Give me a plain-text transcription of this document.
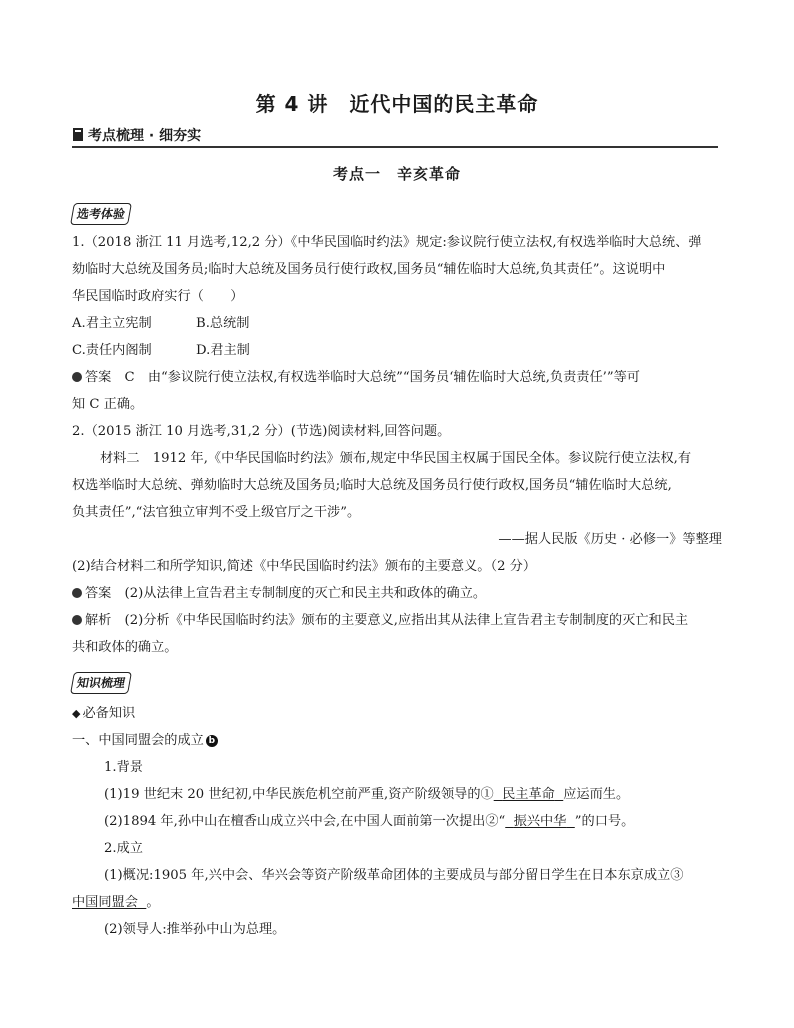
第 4 讲　近代中国的民主革命
考点梳理 · 细夯实
考点一　辛亥革命
选考体验
1.（2018 浙江 11 月选考,12,2 分）《中华民国临时约法》规定:参议院行使立法权,有权选举临时大总统、弹
劾临时大总统及国务员;临时大总统及国务员行使行政权,国务员“辅佐临时大总统,负其责任”。这说明中
华民国临时政府实行（　　）
A.君主立宪制	B.总统制
C.责任内阁制	D.君主制
答案　C　由“参议院行使立法权,有权选举临时大总统”“国务员‘辅佐临时大总统,负责责任’”等可
知 C 正确。
2.（2015 浙江 10 月选考,31,2 分）(节选)阅读材料,回答问题。
材料二　1912 年,《中华民国临时约法》颁布,规定中华民国主权属于国民全体。参议院行使立法权,有
权选举临时大总统、弹劾临时大总统及国务员;临时大总统及国务员行使行政权,国务员“辅佐临时大总统,
负其责任”,“法官独立审判不受上级官厅之干涉”。
——据人民版《历史 · 必修一》等整理
(2)结合材料二和所学知识,简述《中华民国临时约法》颁布的主要意义。（2 分）
答案　(2)从法律上宣告君主专制制度的灭亡和民主共和政体的确立。
解析　(2)分析《中华民国临时约法》颁布的主要意义,应指出其从法律上宣告君主专制制度的灭亡和民主
共和政体的确立。
知识梳理
◆ 必备知识
一、中国同盟会的成立 b
1.背景
(1)19 世纪末 20 世纪初,中华民族危机空前严重,资产阶级领导的① 民主革命 应运而生。
(2)1894 年,孙中山在檀香山成立兴中会,在中国人面前第一次提出②“ 振兴中华 ”的口号。
2.成立
(1)概况:1905 年,兴中会、华兴会等资产阶级革命团体的主要成员与部分留日学生在日本东京成立③
中国同盟会 。
(2)领导人:推举孙中山为总理。
